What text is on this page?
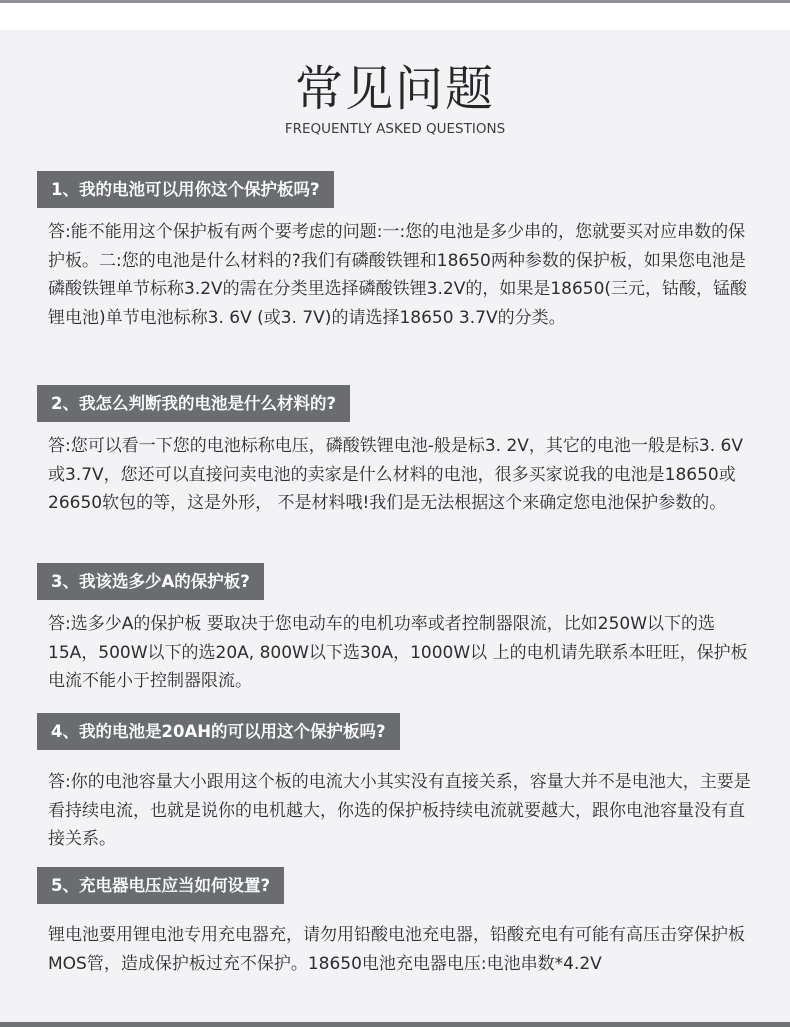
常见问题
FREQUENTLY ASKED QUESTIONS
1、我的电池可以用你这个保护板吗?

答:能不能用这个保护板有两个要考虑的问题:一:您的电池是多少串的，您就要买对应串数的保护板。二:您的电池是什么材料的?我们有磷酸铁锂和18650两种参数的保护板，如果您电池是磷酸铁锂单节标称3.2V的需在分类里选择磷酸铁锂3.2V的，如果是18650(三元，钴酸，锰酸锂电池)单节电池标称3. 6V (或3. 7V)的请选择18650 3.7V的分类。

2、我怎么判断我的电池是什么材料的?

答:您可以看一下您的电池标称电压，磷酸铁锂电池-般是标3. 2V，其它的电池一般是标3. 6V或3.7V，您还可以直接问卖电池的卖家是什么材料的电池，很多买家说我的电池是18650或26650软包的等，这是外形， 不是材料哦!我们是无法根据这个来确定您电池保护参数的。

3、我该选多少A的保护板?

答:选多少A的保护板 要取决于您电动车的电机功率或者控制器限流，比如250W以下的选 15A，500W以下的选20A, 800W以下选30A，1000W以 上的电机请先联系本旺旺，保护板电流不能小于控制器限流。

4、我的电池是20AH的可以用这个保护板吗?

答:你的电池容量大小跟用这个板的电流大小其实没有直接关系，容量大并不是电池大，主要是看持续电流，也就是说你的电机越大，你选的保护板持续电流就要越大，跟你电池容量没有直接关系。

5、充电器电压应当如何设置?

锂电池要用锂电池专用充电器充，请勿用铅酸电池充电器，铅酸充电有可能有高压击穿保护板MOS管，造成保护板过充不保护。18650电池充电器电压:电池串数*4.2V
